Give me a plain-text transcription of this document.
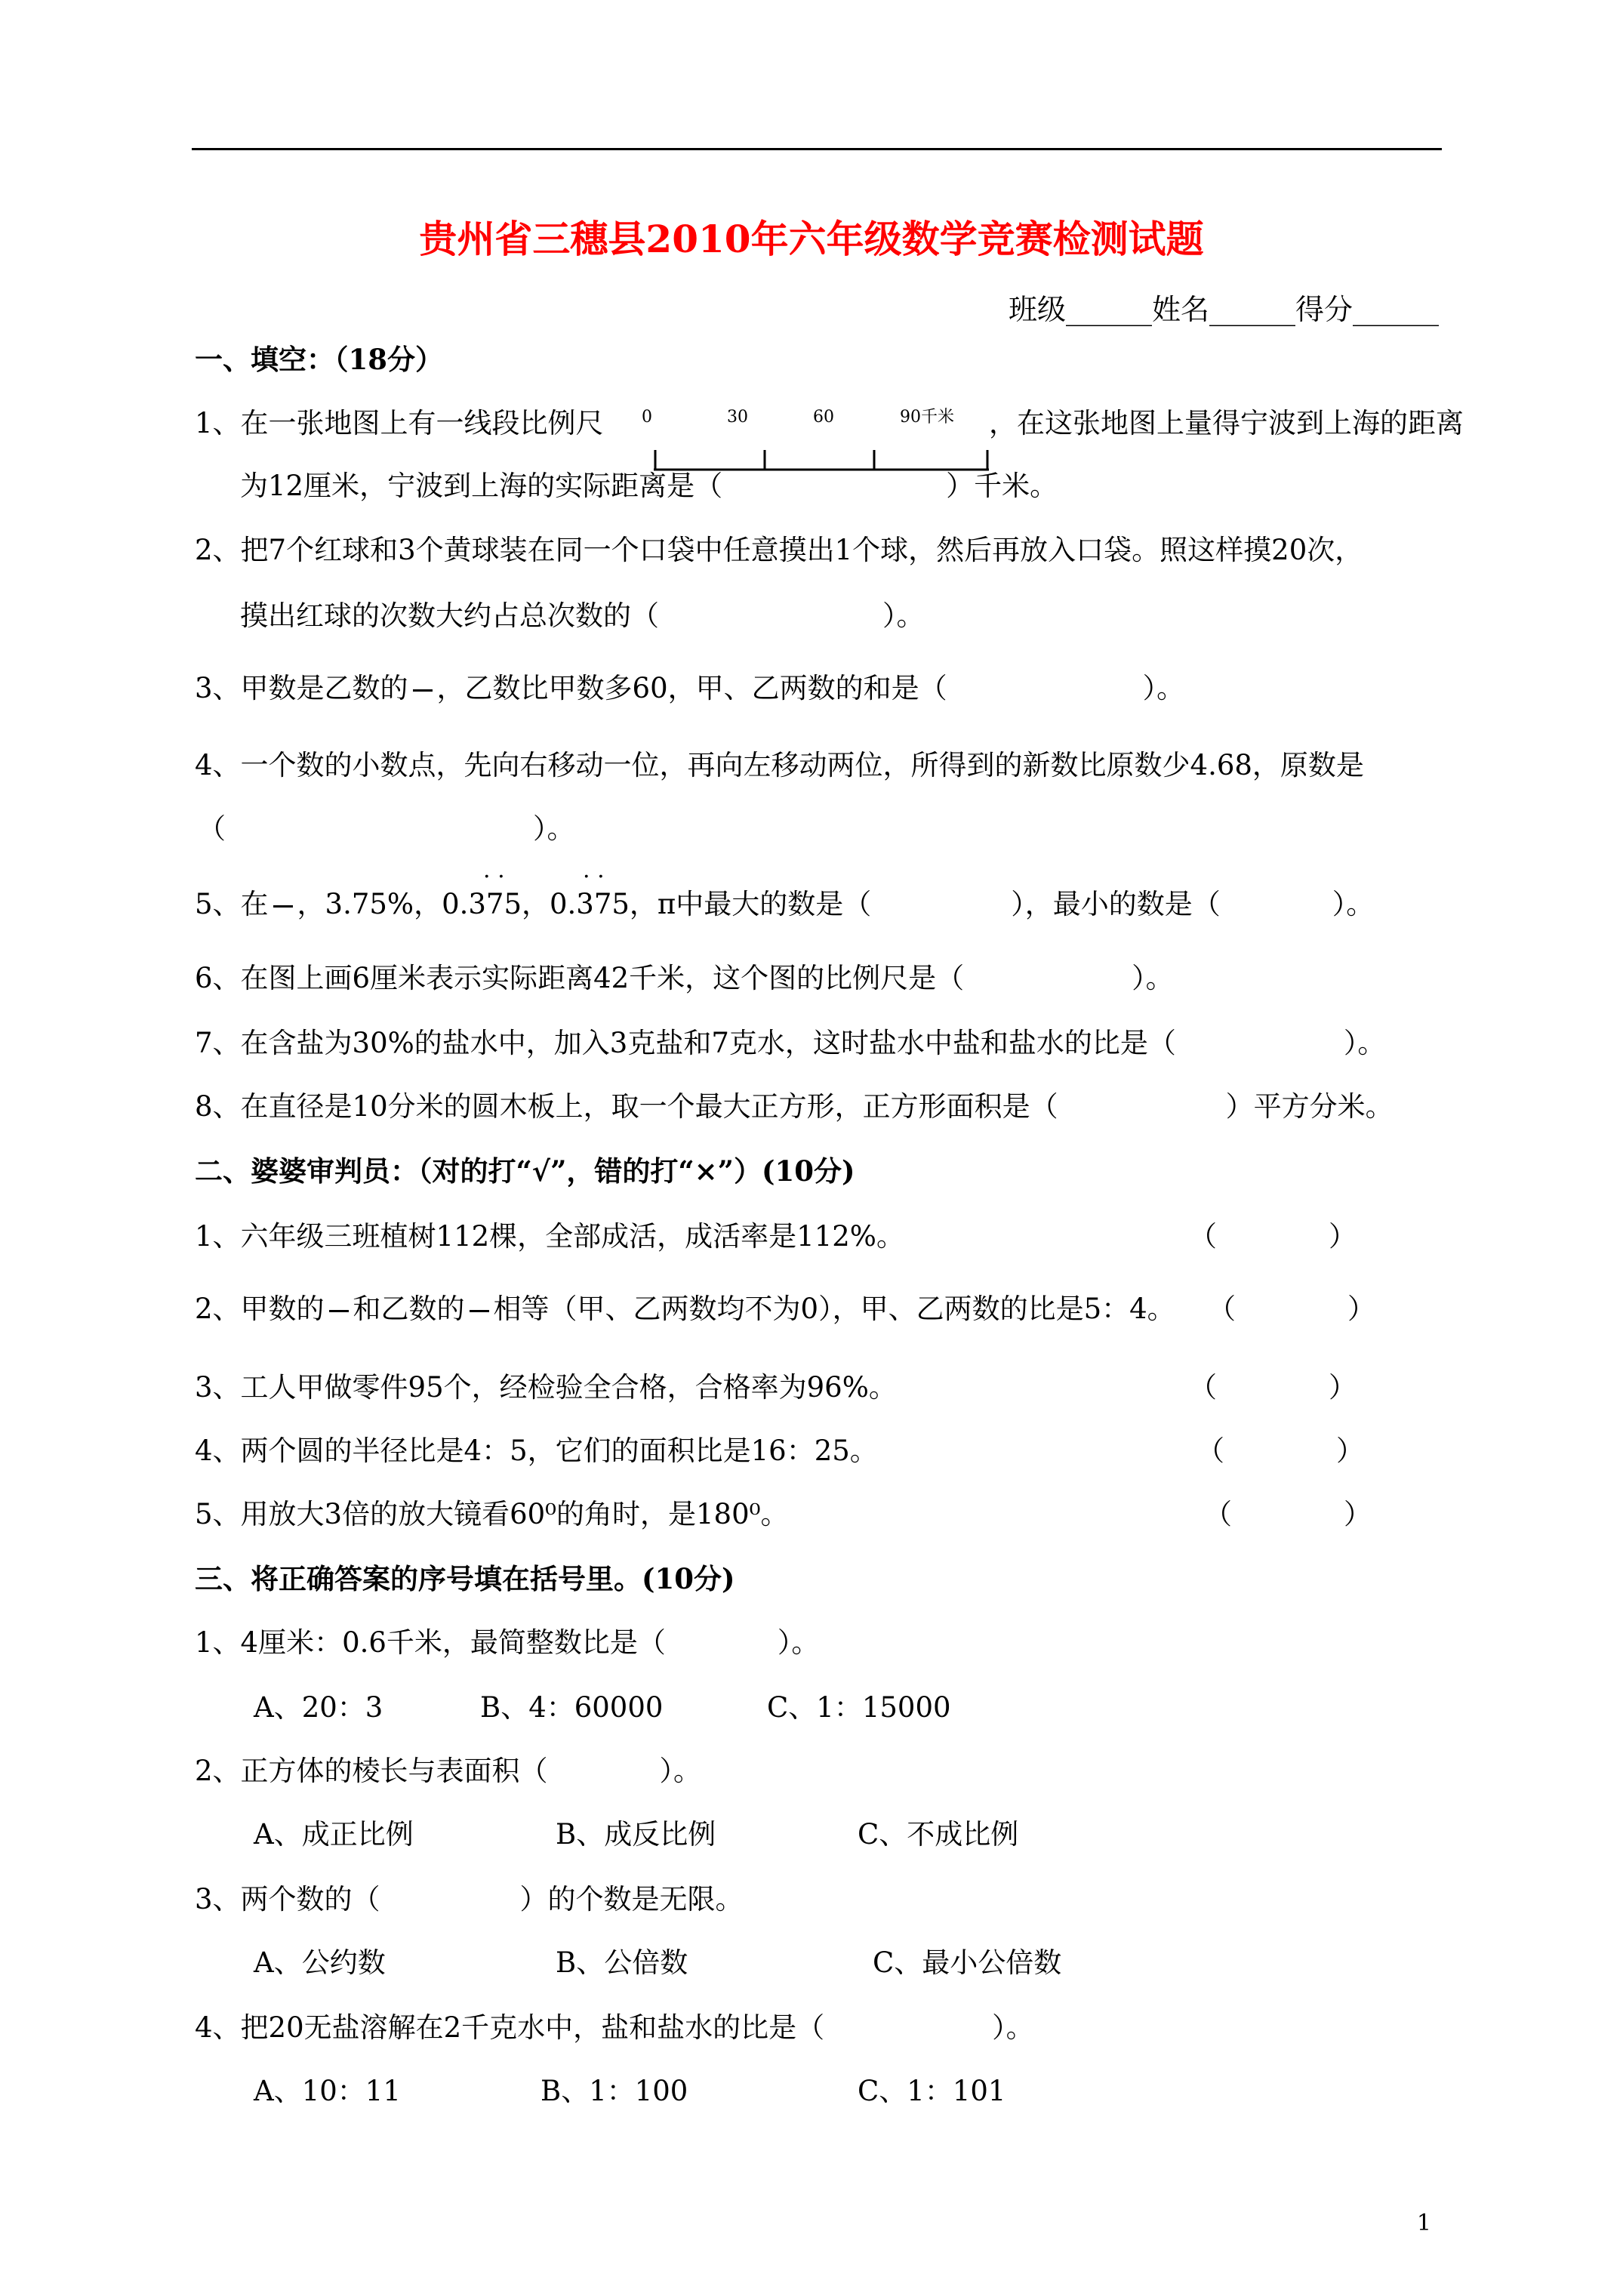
贵州省三穗县2010年六年级数学竞赛检测试题
班级______姓名______得分______
一、填空：（18分）
1、在一张地图上有一线段比例尺	，在这张地图上量得宁波到上海的距离
0	30	60	90千米
为12厘米，宁波到上海的实际距离是（　　　　　　　　）千米。
2、把7个红球和3个黄球装在同一个口袋中任意摸出1个球，然后再放入口袋。照这样摸20次，
摸出红球的次数大约占总次数的（　　　　　　　　）。
3、甲数是乙数的 ，乙数比甲数多60，甲、乙两数的和是（　　　　　　　）。
4、一个数的小数点，先向右移动一位，再向左移动两位，所得到的新数比原数少4.68，原数是
（　　　　　　　　　　　）。
. .	. .
5、在 ，3.75%，0.375，0.375，π中最大的数是（　　　　　），最小的数是（　　　　）。
6、在图上画6厘米表示实际距离42千米，这个图的比例尺是（　　　　　　）。
7、在含盐为30%的盐水中，加入3克盐和7克水，这时盐水中盐和盐水的比是（　　　　　　）。
8、在直径是10分米的圆木板上，取一个最大正方形，正方形面积是（　　　　　　）平方分米。
二、婆婆审判员：（对的打“√”，错的打“×”）(10分)
1、六年级三班植树112棵，全部成活，成活率是112%。	（　　　　）
2、甲数的 和乙数的 相等（甲、乙两数均不为0），甲、乙两数的比是5：4。 （　　　　）
3、工人甲做零件95个，经检验全合格，合格率为96%。	（　　　　）
4、两个圆的半径比是4：5，它们的面积比是16：25。	（　　　　）
5、用放大3倍的放大镜看60⁰的角时，是180⁰。	（　　　　）
三、将正确答案的序号填在括号里。(10分)
1、4厘米：0.6千米，最简整数比是（　　　　）。
A、20：3	B、4：60000	C、1：15000
2、正方体的棱长与表面积（　　　　）。
A、成正比例	B、成反比例	C、不成比例
3、两个数的（　　　　　）的个数是无限。
A、公约数	B、公倍数	C、最小公倍数
4、把20无盐溶解在2千克水中，盐和盐水的比是（　　　　　　）。
A、10：11	B、1：100	C、1：101
1
